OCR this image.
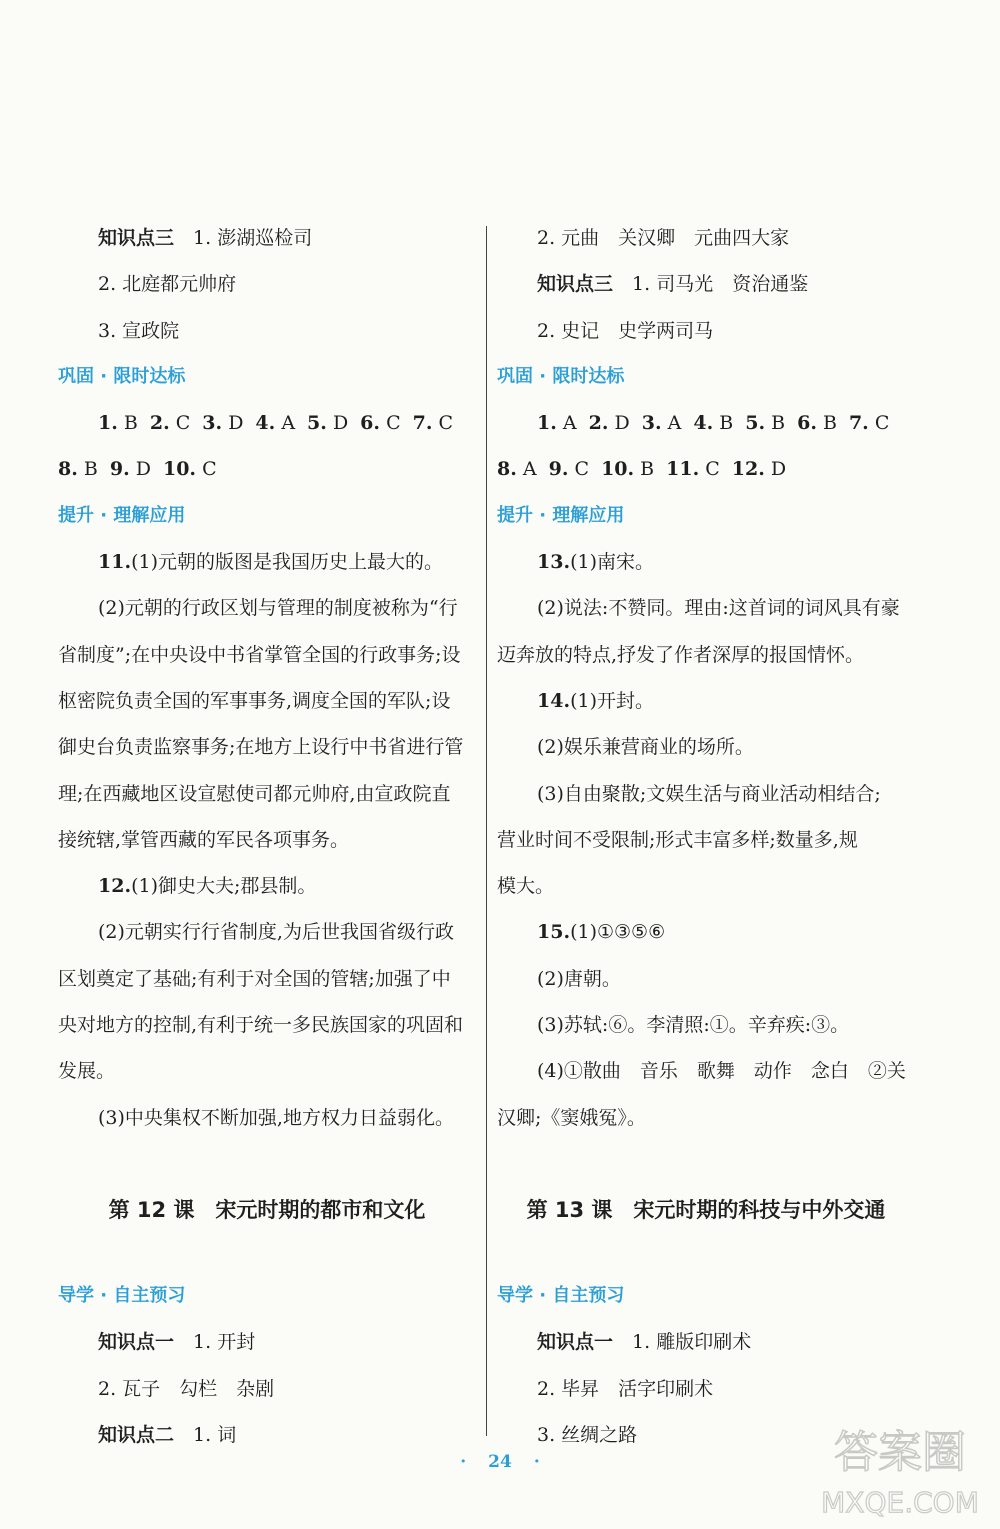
知识点三　 1. 澎湖巡检司
2. 北庭都元帅府
3. 宣政院
巩固 · 限时达标
1. B 2. C 3. D 4. A 5. D 6. C 7. C
8. B 9. D 10. C
提升 · 理解应用
11.(1)元朝的版图是我国历史上最大的。
(2)元朝的行政区划与管理的制度被称为“行
省制度”;在中央设中书省掌管全国的行政事务;设
枢密院负责全国的军事事务,调度全国的军队;设
御史台负责监察事务;在地方上设行中书省进行管
理;在西藏地区设宣慰使司都元帅府,由宣政院直
接统辖,掌管西藏的军民各项事务。
12.(1)御史大夫;郡县制。
(2)元朝实行行省制度,为后世我国省级行政
区划奠定了基础;有利于对全国的管辖;加强了中
央对地方的控制,有利于统一多民族国家的巩固和
发展。
(3)中央集权不断加强,地方权力日益弱化。
第 12 课　宋元时期的都市和文化
导学 · 自主预习
知识点一　 1. 开封
2. 瓦子　勾栏　杂剧
知识点二　 1. 词
2. 元曲　关汉卿　元曲四大家
知识点三　 1. 司马光　资治通鉴
2. 史记　史学两司马
巩固 · 限时达标
1. A 2. D 3. A 4. B 5. B 6. B 7. C
8. A 9. C 10. B 11. C 12. D
提升 · 理解应用
13.(1)南宋。
(2)说法:不赞同。理由:这首词的词风具有豪
迈奔放的特点,抒发了作者深厚的报国情怀。
14.(1)开封。
(2)娱乐兼营商业的场所。
(3)自由聚散;文娱生活与商业活动相结合;
营业时间不受限制;形式丰富多样;数量多,规
模大。
15.(1)①③⑤⑥
(2)唐朝。
(3)苏轼:⑥。李清照:①。辛弃疾:③。
(4)①散曲　音乐　歌舞　动作　念白　②关
汉卿;《窦娥冤》。
第 13 课　宋元时期的科技与中外交通
导学 · 自主预习
知识点一　 1. 雕版印刷术
2. 毕昇　活字印刷术
3. 丝绸之路
· 24 ·	答案圈
MXQE.COM
